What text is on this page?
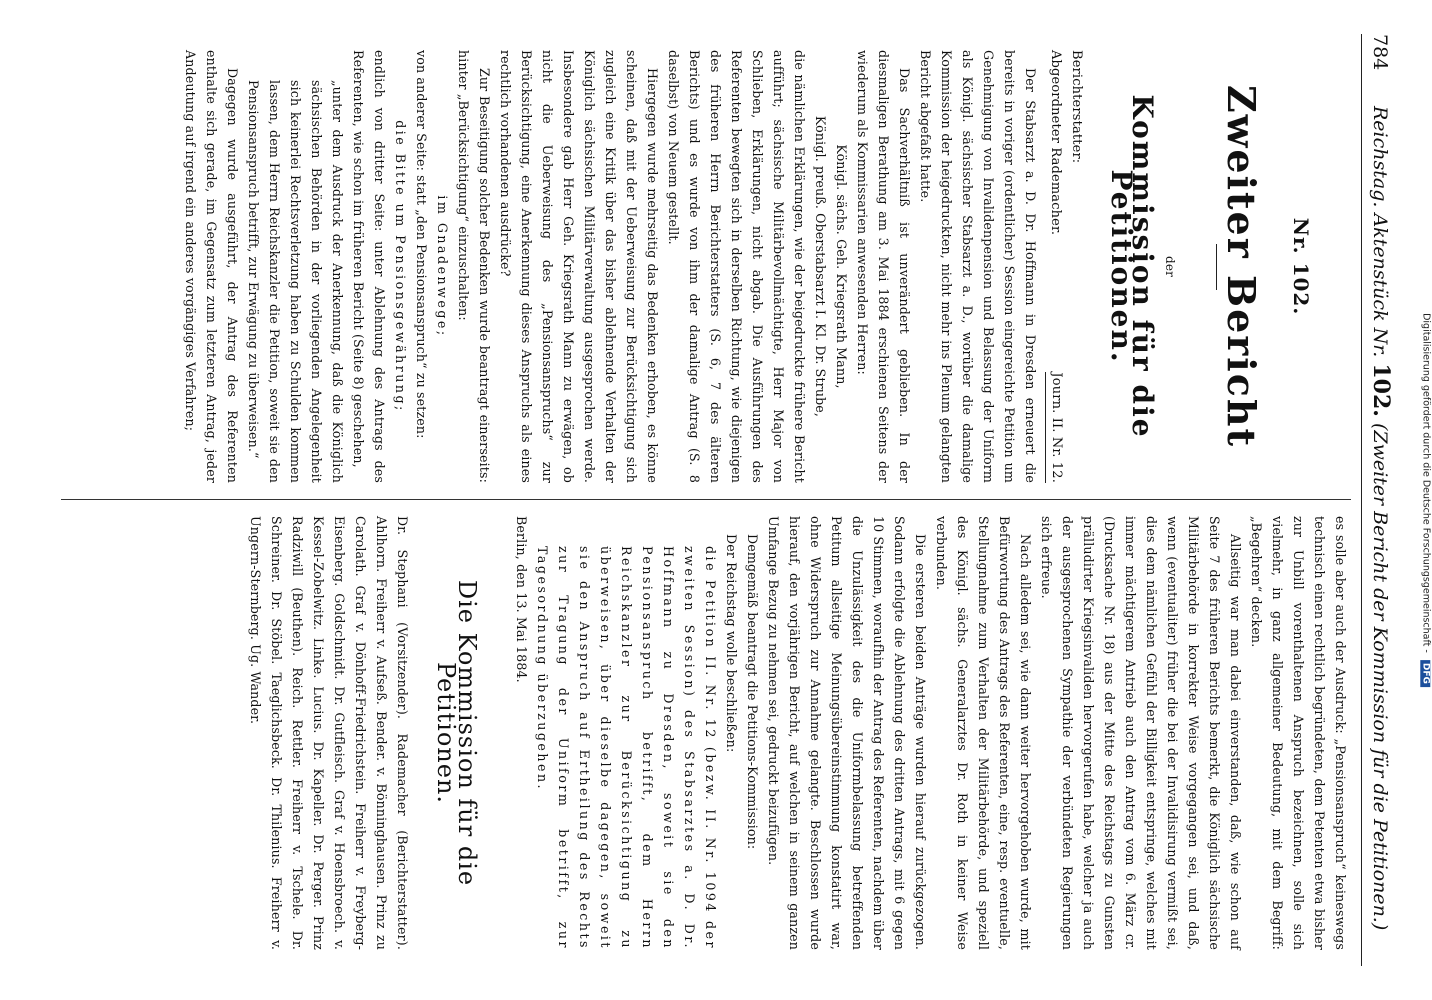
784
Reichstag. Aktenstück Nr. 102. (Zweiter Bericht der Kommission für die Petitionen.)
Nr. 102.
Zweiter Bericht
der
Kommission für die Petitionen.
Berichterstatter:
Abgeordneter Rademacher.
Journ. II. Nr. 12.

Der Stabsarzt a. D. Dr. Hoffmann in Dresden erneuert die bereits in voriger (ordentlicher) Session eingereichte Petition um Genehmigung von Invalidenpension und Belassung der Uniform als Königl. sächsischer Stabsarzt a. D., worüber die damalige Kommission der heigedruckten, nicht mehr ins Plenum gelangten Bericht abgefaßt hatte.

Das Sachverhältniß ist unverändert geblieben. In der diesmaligen Berathung am 3. Mai 1884 erschienen Seitens der wiederum als Kommissarien anwesenden Herren:

Königl. sächs. Geh. Kriegsrath Mann,

Königl. preuß. Oberstabsarzt I. Kl. Dr. Strube,

die nämlichen Erklärungen, wie der beigedruckte frühere Bericht aufführt; sächsische Militärbevollmächtigte, Herr Major von Schlieben, Erklärungen, nicht abgab. Die Ausführungen des Referenten bewegten sich in derselben Richtung, wie diejenigen des früheren Herrn Berichterstatters (S. 6, 7 des älteren Berichts) und es wurde von ihm der damalige Antrag (S. 8 daselbst) von Neuem gestellt.

Hiergegen wurde mehrseitig das Bedenken erhoben, es könne scheinen, daß mit der Ueberweisung zur Berücksichtigung sich zugleich eine Kritik über das bisher ablehnende Verhalten der Königlich sächsischen Militärverwaltung ausgesprochen werde. Insbesondere gab Herr Geh. Kriegsrath Mann zu erwägen, ob nicht die Ueberweisung des „Pensionsanspruchs“ zur Berücksichtigung, eine Anerkennung dieses Anspruchs als eines rechtlich vorhandenen ausdrücke?

Zur Beseitigung solcher Bedenken wurde beantragt einerseits: hinter „Berücksichtigung“ einzuschalten:

im Gnadenwege;

von anderer Seite: statt „den Pensionsanspruch“ zu setzen:

die Bitte um Pensionsgewährung;

endlich von dritter Seite: unter Ablehnung des Antrags des Referenten, wie schon im früheren Bericht (Seite 8) geschehen,

„unter dem Ausdruck der Anerkennung, daß die Königlich sächsischen Behörden in der vorliegenden Angelegenheit sich keinerlei Rechtsverletzung haben zu Schulden kommen lassen, dem Herrn Reichskanzler die Petition, soweit sie den Pensionsanspruch betrifft, zur Erwägung zu überweisen.“

Dagegen wurde ausgeführt, der Antrag des Referenten enthalte sich gerade, im Gegensatz zum letzteren Antrag, jeder Andeutung auf irgend ein anderes vorgängiges Verfahren;

es solle aber auch der Ausdruck: „Pensionsanspruch“ keineswegs technisch einen rechtlich begründeten, dem Petenten etwa bisher zur Unbill vorenthaltenen Anspruch bezeichnen, solle sich vielmehr, in ganz allgemeiner Bedeutung, mit dem Begriff: „Begehren“ decken.

Allseitig war man dabei einverstanden, daß, wie schon auf Seite 7 des früheren Berichts bemerkt, die Königlich sächsische Militärbehörde in korrekter Weise vorgegangen sei, und daß, wenn (eventualiter) früher die bei der Invalidisirung vermißt sei, dies dem nämlichen Gefühl der Billigkeit entspringe, welches mit immer mächtigerem Antrieb auch den Antrag vom 6. März cr. (Drucksache Nr. 18) aus der Mitte des Reichstags zu Gunsten prälludirter Kriegsinvaliden hervorgerufen habe, welcher ja auch der ausgesprochenen Sympathie der verbündeten Regierungen sich erfreue.

Nach alledem sei, wie dann weiter hervorgehoben wurde, mit Befürwortung des Antrags des Referenten, eine, resp. eventuelle, Stellungnahme zum Verhalten der Militärbehörde, und speziell des Königl. sächs. Generalarztes Dr. Roth in keiner Weise verbunden.

Die ersteren beiden Anträge wurden hierauf zurückgezogen. Sodann erfolgte die Ablehnung des dritten Antrags, mit 6 gegen 10 Stimmen, woraufhin der Antrag des Referenten, nachdem über die Unzulässigkeit des die Uniformbelassung betreffenden Petitum allseitige Meinungsübereinstimmung konstatirt war, ohne Widerspruch zur Annahme gelangte. Beschlossen wurde hierauf, den vorjährigen Bericht, auf welchen in seinem ganzen Umfange Bezug zu nehmen sei, gedruckt beizufügen.

Demgemäß beantragt die Petitions-Kommission:

Der Reichstag wolle beschließen:

die Petition II. Nr. 12 (bezw. II. Nr. 1094 der zweiten Session) des Stabsarztes a. D. Dr. Hoffmann zu Dresden, soweit sie den Pensionsanspruch betrifft, dem Herrn Reichskanzler zur Berücksichtigung zu überweisen, über dieselbe dagegen, soweit sie den Anspruch auf Ertheilung des Rechts zur Tragung der Uniform betrifft, zur Tagesordnung überzugehen.

Berlin, den 13. Mai 1884.

Die Kommission für die Petitionen.

Dr. Stephani (Vorsitzender). Rademacher (Berichterstatter). Ahlhorn. Freiherr v. Aufseß. Bender. v. Bönninghausen. Prinz zu Carolath. Graf v. Dönhoff-Friedrichstein. Freiherr v. Freyberg-Eisenberg. Goldschmidt. Dr. Gutfleisch. Graf v. Hoensbroech. v. Kessel-Zobelwitz. Linke. Lucius. Dr. Kapeller. Dr. Perger. Prinz Radziwill (Beuthen). Reich. Rettler. Freiherr v. Tschele. Dr. Schreiner. Dr. Stöbel. Taeglichsbeck. Dr. Thilenius. Freiherr v. Ungern-Sternberg. Ug. Wander.	Digitalisierung gefördert durch die Deutsche Forschungsgemeinschaft - DFG
